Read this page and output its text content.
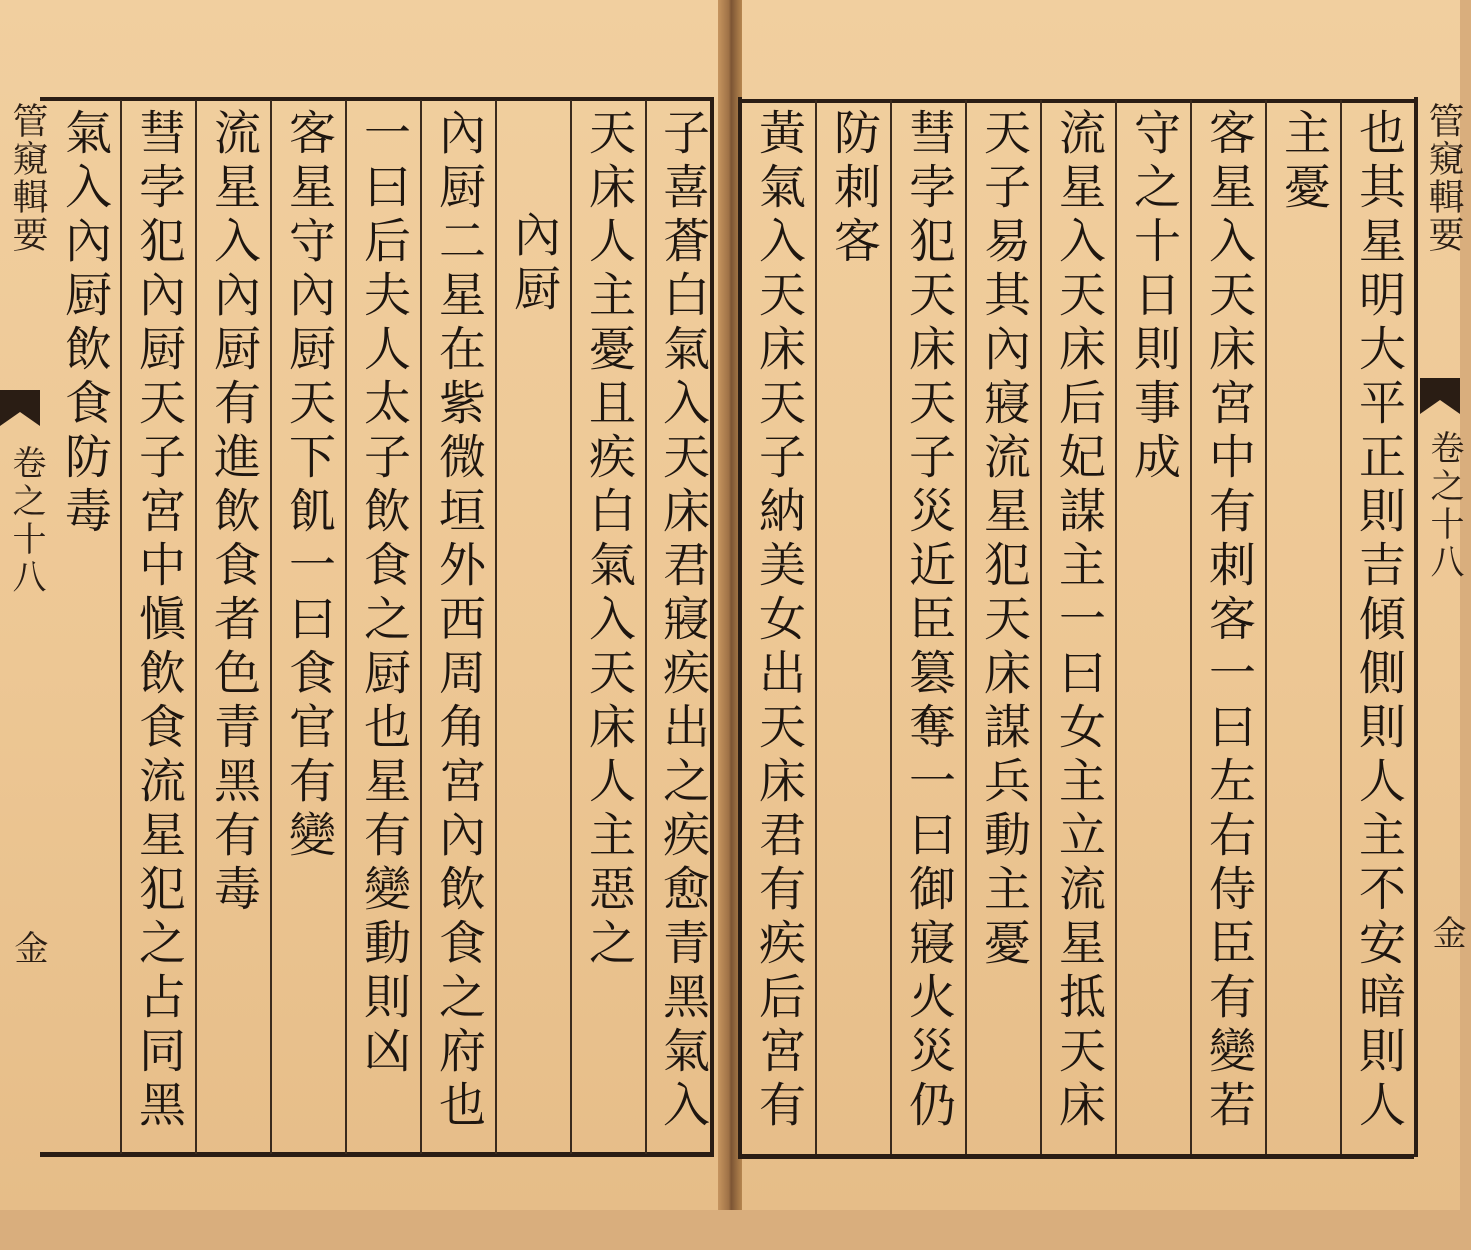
管窺輯要
卷之十八
金
管窺輯要
卷之十八
金
子喜蒼白氣入天床君寢疾出之疾愈青黑氣入
天床人主憂且疾白氣入天床人主惡之
內厨
內厨二星在紫微垣外西周角宮內飲食之府也
一曰后夫人太子飲食之厨也星有變動則凶
客星守內厨天下飢一曰食官有變
流星入內厨有進飲食者色青黑有毒
彗孛犯內厨天子宮中愼飲食流星犯之占同黑
氣入內厨飲食防毒	也其星明大平正則吉傾側則人主不安暗則人
主憂
客星入天床宮中有刺客一曰左右侍臣有變若
守之十日則事成
流星入天床后妃謀主一曰女主立流星抵天床
天子易其內寢流星犯天床謀兵動主憂
彗孛犯天床天子災近臣篡奪一曰御寢火災仍
防刺客
黃氣入天床天子納美女出天床君有疾后宮有
